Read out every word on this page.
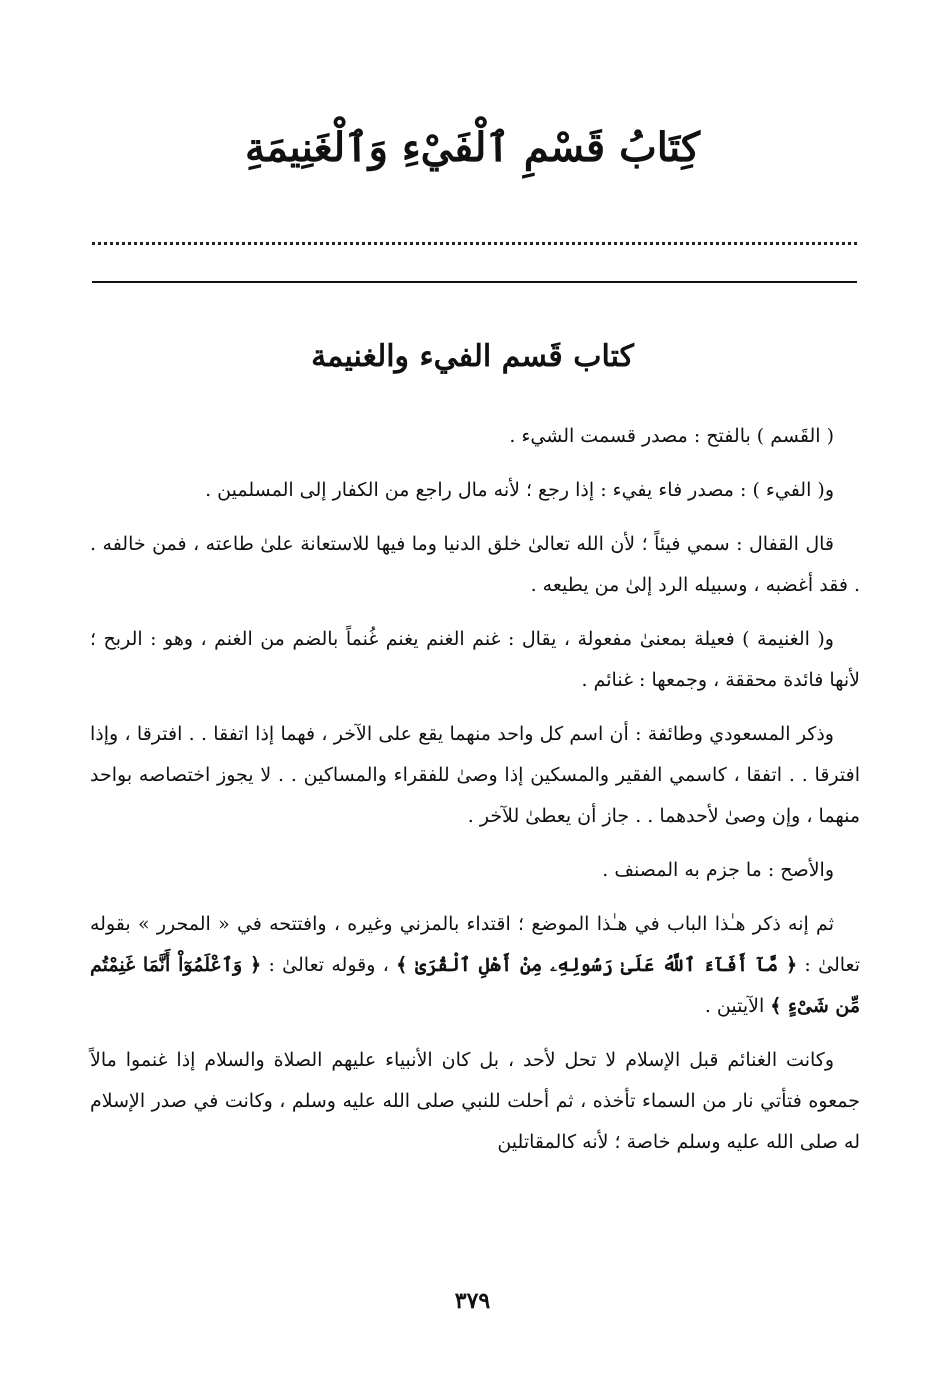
كِتَابُ قَسْمِ ٱلْفَيْءِ وَٱلْغَنِيمَةِ
كتاب قَسم الفيء والغنيمة

( القَسم ) بالفتح : مصدر قسمت الشيء .

و( الفيء ) : مصدر فاء يفيء : إذا رجع ؛ لأنه مال راجع من الكفار إلى المسلمين .

قال القفال : سمي فيئاً ؛ لأن الله تعالىٰ خلق الدنيا وما فيها للاستعانة علىٰ طاعته ، فمن خالفه . . فقد أغضبه ، وسبيله الرد إلىٰ من يطيعه .

و( الغنيمة ) فعيلة بمعنىٰ مفعولة ، يقال : غنم الغنم يغنم غُنماً بالضم من الغنم ، وهو : الربح ؛ لأنها فائدة محققة ، وجمعها : غنائم .

وذكر المسعودي وطائفة : أن اسم كل واحد منهما يقع على الآخر ، فهما إذا اتفقا . . افترقا ، وإذا افترقا . . اتفقا ، كاسمي الفقير والمسكين إذا وصىٰ للفقراء والمساكين . . لا يجوز اختصاصه بواحد منهما ، وإن وصىٰ لأحدهما . . جاز أن يعطىٰ للآخر .

والأصح : ما جزم به المصنف .

ثم إنه ذكر هـٰذا الباب في هـٰذا الموضع ؛ اقتداء بالمزني وغيره ، وافتتحه في « المحرر » بقوله تعالىٰ : ﴿ مَّآ أَفَآءَ ٱللَّهُ عَلَىٰ رَسُولِهِۦ مِنْ أَهْلِ ٱلْقُرَىٰ ﴾ ، وقوله تعالىٰ : ﴿ وَٱعْلَمُوٓاْ أَنَّمَا غَنِمْتُم مِّن شَىْءٍ ﴾ الآيتين .

وكانت الغنائم قبل الإسلام لا تحل لأحد ، بل كان الأنبياء عليهم الصلاة والسلام إذا غنموا مالاً جمعوه فتأتي نار من السماء تأخذه ، ثم أحلت للنبي صلى الله عليه وسلم ، وكانت في صدر الإسلام له صلى الله عليه وسلم خاصة ؛ لأنه كالمقاتلين

٣٧٩
